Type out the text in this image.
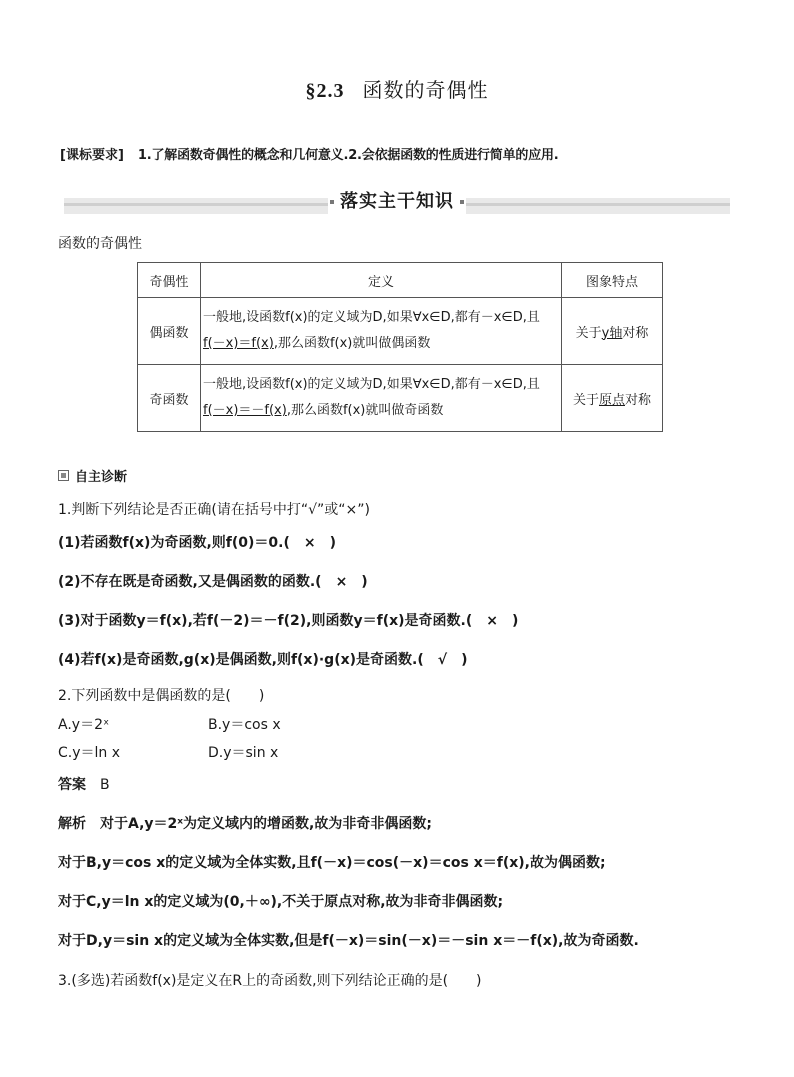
§2.3 函数的奇偶性
[课标要求] 1.了解函数奇偶性的概念和几何意义.2.会依据函数的性质进行简单的应用.
落实主干知识
函数的奇偶性
奇偶性	定义	图象特点
偶函数	一般地,设函数f(x)的定义域为D,如果∀x∈D,都有－x∈D,且f(－x)＝f(x),那么函数f(x)就叫做偶函数	关于y轴对称
奇函数	一般地,设函数f(x)的定义域为D,如果∀x∈D,都有－x∈D,且f(－x)＝－f(x),那么函数f(x)就叫做奇函数	关于原点对称
自主诊断
1.判断下列结论是否正确(请在括号中打“√”或“×”)
(1)若函数f(x)为奇函数,则f(0)＝0.(　×　)
(2)不存在既是奇函数,又是偶函数的函数.(　×　)
(3)对于函数y＝f(x),若f(－2)＝－f(2),则函数y＝f(x)是奇函数.(　×　)
(4)若f(x)是奇函数,g(x)是偶函数,则f(x)·g(x)是奇函数.(　√　)
2.下列函数中是偶函数的是(　　)
A.y＝2ˣ	B.y＝cos x
C.y＝ln x	D.y＝sin x
答案 B
解析 对于A,y＝2ˣ为定义域内的增函数,故为非奇非偶函数;
对于B,y＝cos x的定义域为全体实数,且f(－x)＝cos(－x)＝cos x＝f(x),故为偶函数;
对于C,y＝ln x的定义域为(0,＋∞),不关于原点对称,故为非奇非偶函数;
对于D,y＝sin x的定义域为全体实数,但是f(－x)＝sin(－x)＝－sin x＝－f(x),故为奇函数.
3.(多选)若函数f(x)是定义在R上的奇函数,则下列结论正确的是(　　)
